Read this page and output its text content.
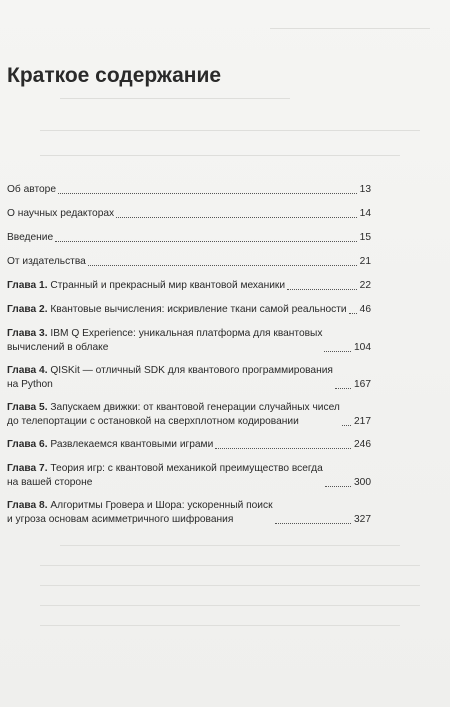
Краткое содержание
Об авторе	13
О научных редакторах	14
Введение	15
От издательства	21
Глава 1. Странный и прекрасный мир квантовой механики	22
Глава 2. Квантовые вычисления: искривление ткани самой реальности 46
Глава 3. IBM Q Experience: уникальная платформа для квантовых
вычислений в облаке	104
Глава 4. QISKit — отличный SDK для квантового программирования
на Python	167
Глава 5. Запускаем движки: от квантовой генерации случайных чисел
до телепортации с остановкой на сверхплотном кодировании	217
Глава 6. Развлекаемся квантовыми играми	246
Глава 7. Теория игр: с квантовой механикой преимущество всегда
на вашей стороне	300
Глава 8. Алгоритмы Гровера и Шора: ускоренный поиск
и угроза основам асимметричного шифрования	327
